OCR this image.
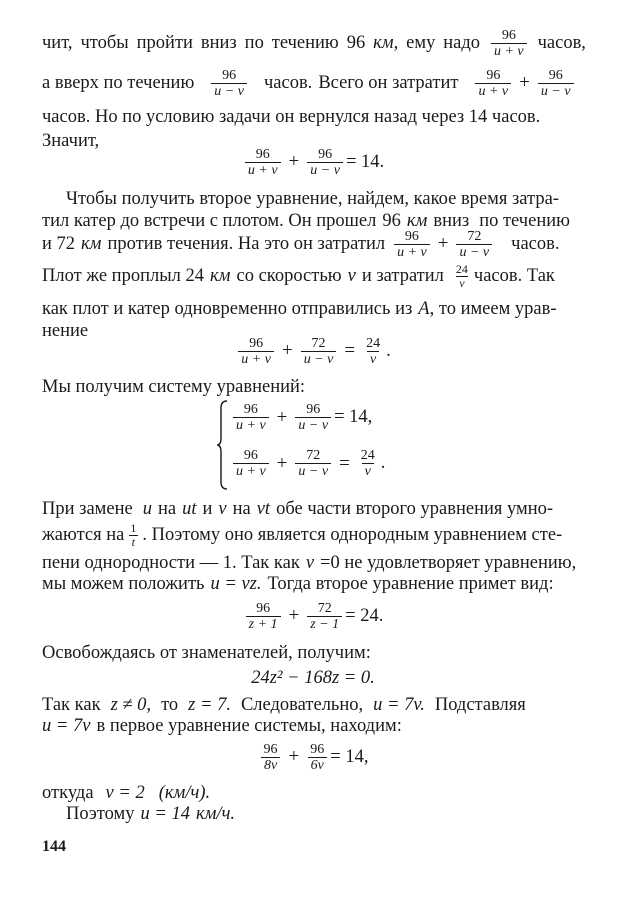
чит, чтобы пройти вниз по течению 96 км, ему надо $\frac{96}{u + v}$ часов,
а вверх по течению $\frac{96}{u - v}$ часов. Всего он затратит $\frac{96}{u + v} + \frac{96}{u - v}$
часов. Но по условию задачи он вернулся назад через 14 часов.
Значит,
$\frac{96}{u + v} + \frac{96}{u - v} = 14$.
Чтобы получить второе уравнение, найдем, какое время затра-
тил катер до встречи с плотом. Он прошел 96 км вниз по течению
и 72 км против течения. На это он затратил $\frac{96}{u + v} + \frac{72}{u - v}$ часов.
Плот же проплыл 24 км со скоростью v и затратил $\frac{24}{v}$ часов. Так
как плот и катер одновременно отправились из A , то имеем урав-
нение
$\frac{96}{u + v} + \frac{72}{u - v} = \frac{24}{v}$ .
Мы получим систему уравнений:
$\frac{96}{u + v} + \frac{96}{u - v} = 14$,
$\frac{96}{u + v} + \frac{72}{u - v} = \frac{24}{v}$ .
При замене u на ut и v на vt обе части второго уравнения умно-
жаются на $\frac{1}{t}$ . Поэтому оно является однородным уравнением сте-
пени однородности — 1. Так как v =0 не удовлетворяет уравнению,
мы можем положить u = vz. Тогда второе уравнение примет вид:
$\frac{96}{z + 1} + \frac{72}{z - 1} = 24$.
Освобождаясь от знаменателей, получим:
24z² − 168z = 0.
Так как z ≠ 0, то z = 7. Следовательно, u = 7v. Подставляя
u = 7v в первое уравнение системы, находим:
$\frac{96}{8v} + \frac{96}{6v} = 14$,
откуда v = 2 (км/ч).
Поэтому u = 14 км/ч.
144
